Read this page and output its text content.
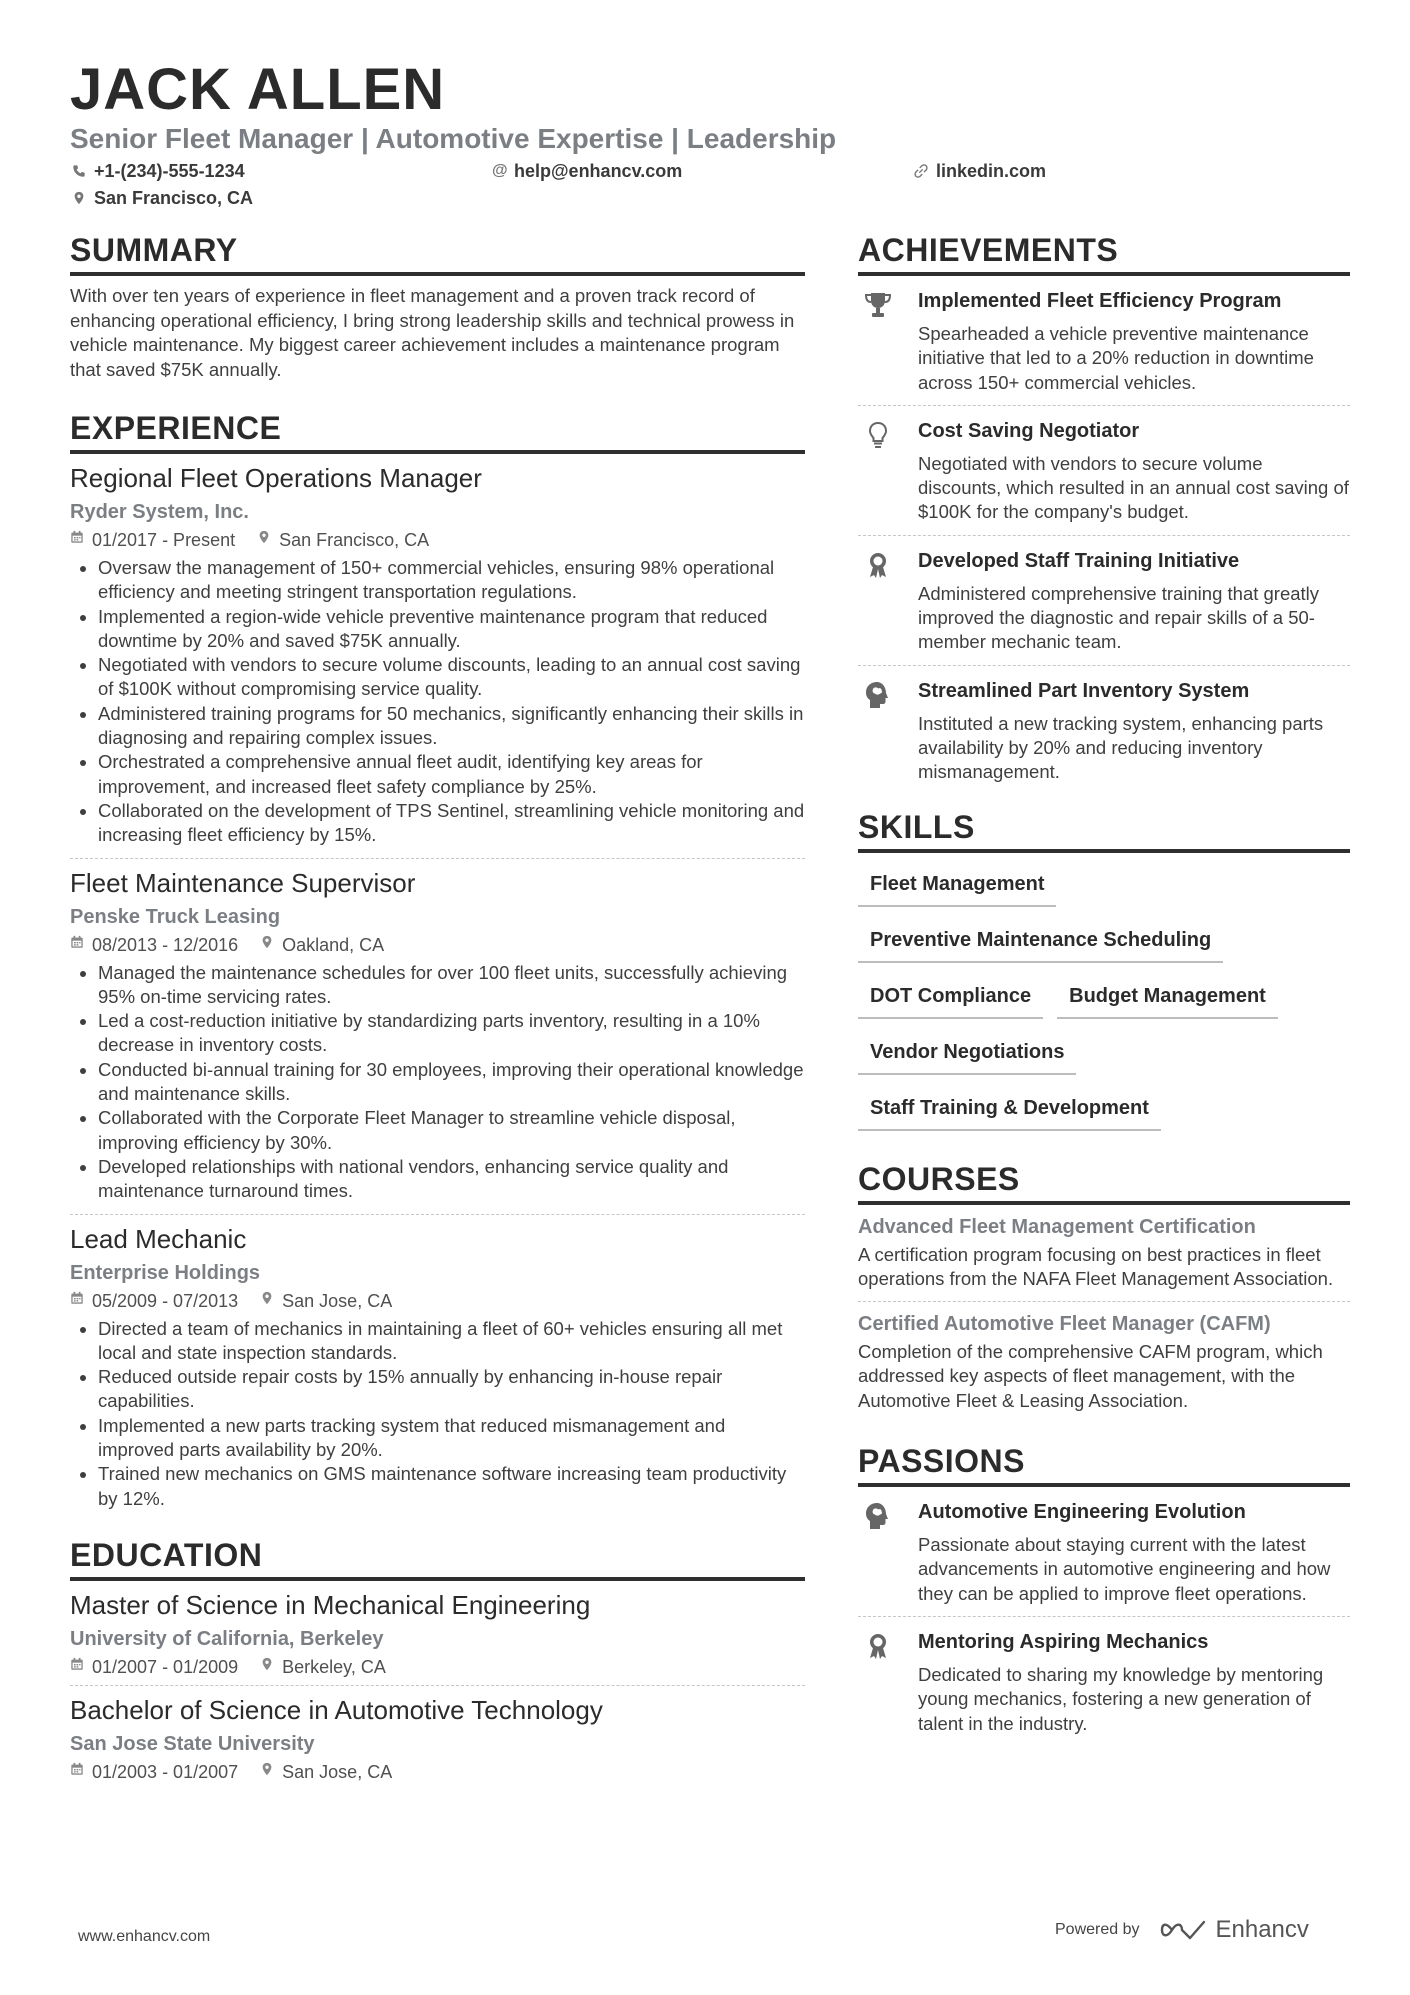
JACK ALLEN
Senior Fleet Manager | Automotive Expertise | Leadership
+1-(234)-555-1234	@ help@enhancv.com	linkedin.com
San Francisco, CA
SUMMARY
With over ten years of experience in fleet management and a proven track record of enhancing operational efficiency, I bring strong leadership skills and technical prowess in vehicle maintenance. My biggest career achievement includes a maintenance program that saved $75K annually.
EXPERIENCE
Regional Fleet Operations Manager
Ryder System, Inc.
01/2017 - Present San Francisco, CA
• Oversaw the management of 150+ commercial vehicles, ensuring 98% operational efficiency and meeting stringent transportation regulations.
• Implemented a region-wide vehicle preventive maintenance program that reduced downtime by 20% and saved $75K annually.
• Negotiated with vendors to secure volume discounts, leading to an annual cost saving of $100K without compromising service quality.
• Administered training programs for 50 mechanics, significantly enhancing their skills in diagnosing and repairing complex issues.
• Orchestrated a comprehensive annual fleet audit, identifying key areas for improvement, and increased fleet safety compliance by 25%.
• Collaborated on the development of TPS Sentinel, streamlining vehicle monitoring and increasing fleet efficiency by 15%.
Fleet Maintenance Supervisor
Penske Truck Leasing
08/2013 - 12/2016 Oakland, CA
• Managed the maintenance schedules for over 100 fleet units, successfully achieving 95% on-time servicing rates.
• Led a cost-reduction initiative by standardizing parts inventory, resulting in a 10% decrease in inventory costs.
• Conducted bi-annual training for 30 employees, improving their operational knowledge and maintenance skills.
• Collaborated with the Corporate Fleet Manager to streamline vehicle disposal, improving efficiency by 30%.
• Developed relationships with national vendors, enhancing service quality and maintenance turnaround times.
Lead Mechanic
Enterprise Holdings
05/2009 - 07/2013 San Jose, CA
• Directed a team of mechanics in maintaining a fleet of 60+ vehicles ensuring all met local and state inspection standards.
• Reduced outside repair costs by 15% annually by enhancing in-house repair capabilities.
• Implemented a new parts tracking system that reduced mismanagement and improved parts availability by 20%.
• Trained new mechanics on GMS maintenance software increasing team productivity by 12%.
EDUCATION
Master of Science in Mechanical Engineering
University of California, Berkeley
01/2007 - 01/2009 Berkeley, CA
Bachelor of Science in Automotive Technology
San Jose State University
01/2003 - 01/2007 San Jose, CA
ACHIEVEMENTS
Implemented Fleet Efficiency Program
Spearheaded a vehicle preventive maintenance initiative that led to a 20% reduction in downtime across 150+ commercial vehicles.
Cost Saving Negotiator
Negotiated with vendors to secure volume discounts, which resulted in an annual cost saving of $100K for the company's budget.
Developed Staff Training Initiative
Administered comprehensive training that greatly improved the diagnostic and repair skills of a 50-member mechanic team.
Streamlined Part Inventory System
Instituted a new tracking system, enhancing parts availability by 20% and reducing inventory mismanagement.
SKILLS
Fleet Management
Preventive Maintenance Scheduling
DOT Compliance	Budget Management
Vendor Negotiations
Staff Training & Development
COURSES
Advanced Fleet Management Certification
A certification program focusing on best practices in fleet operations from the NAFA Fleet Management Association.
Certified Automotive Fleet Manager (CAFM)
Completion of the comprehensive CAFM program, which addressed key aspects of fleet management, with the Automotive Fleet & Leasing Association.
PASSIONS
Automotive Engineering Evolution
Passionate about staying current with the latest advancements in automotive engineering and how they can be applied to improve fleet operations.
Mentoring Aspiring Mechanics
Dedicated to sharing my knowledge by mentoring young mechanics, fostering a new generation of talent in the industry.
www.enhancv.com	Powered by	Enhancv
